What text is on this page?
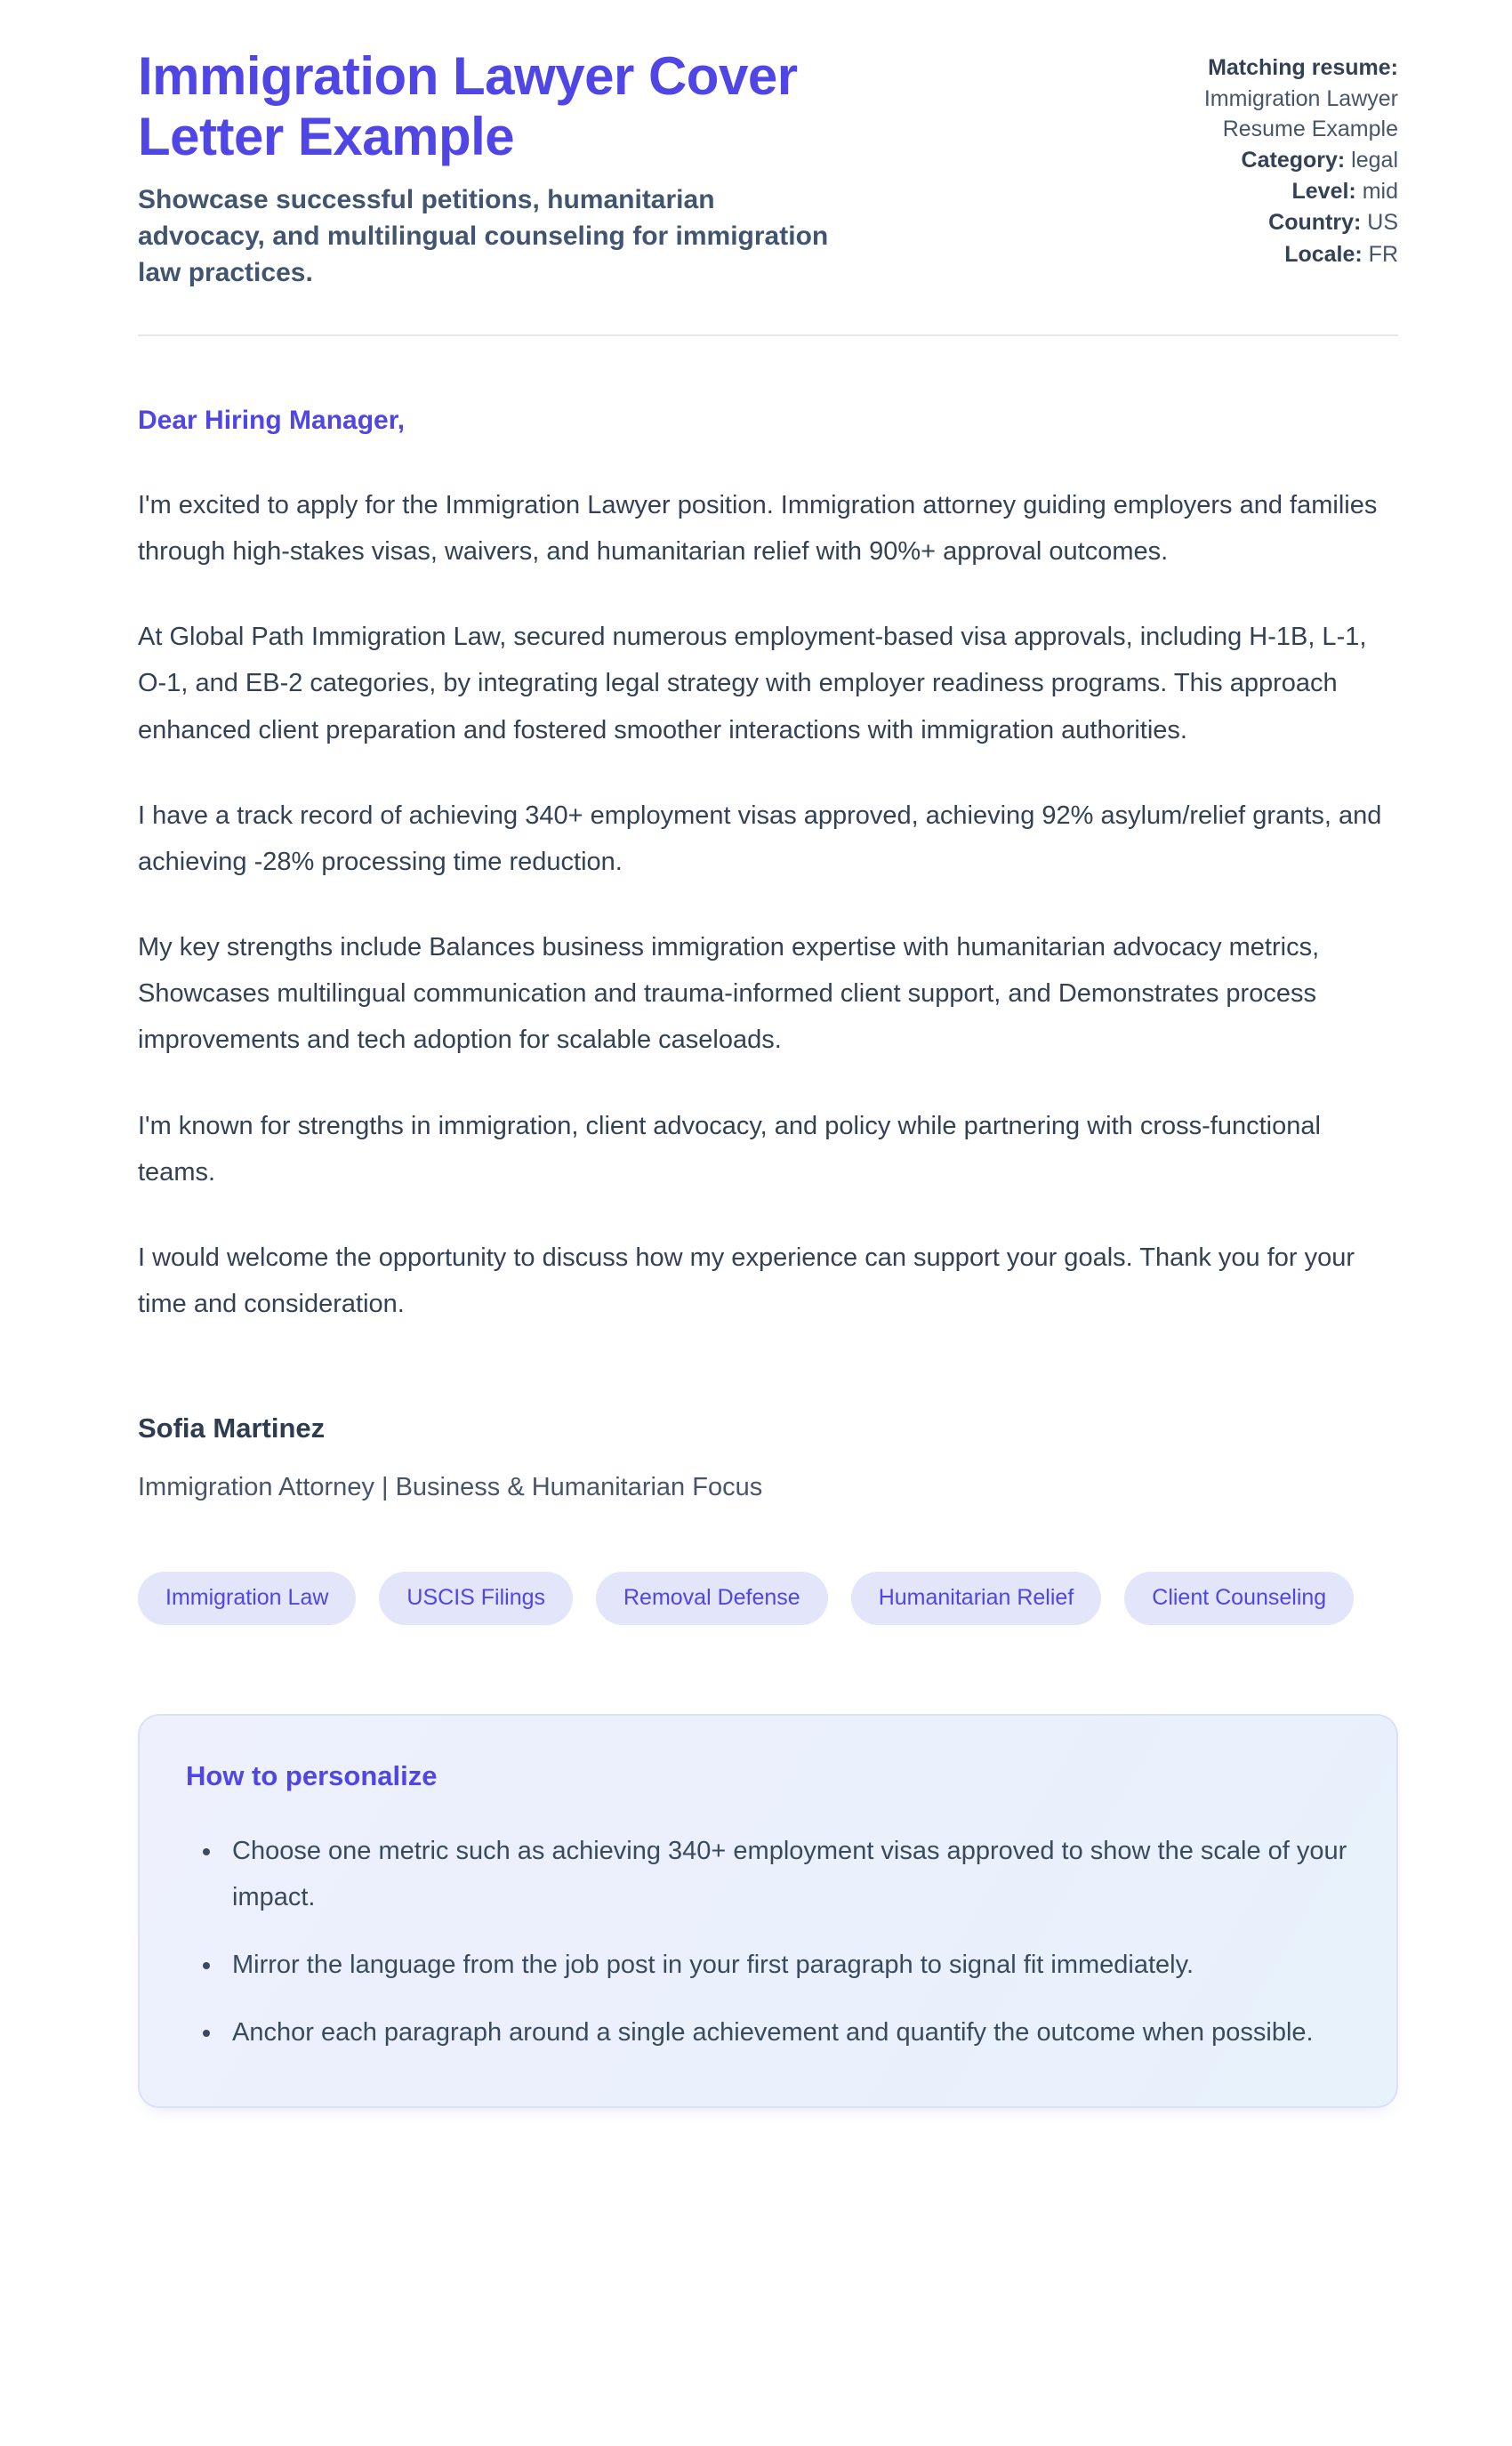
Immigration Lawyer Cover Letter Example
Showcase successful petitions, humanitarian advocacy, and multilingual counseling for immigration law practices.
Matching resume:
Immigration Lawyer Resume Example
Category: legal
Level: mid
Country: US
Locale: FR
Dear Hiring Manager,

I'm excited to apply for the Immigration Lawyer position. Immigration attorney guiding employers and families through high-stakes visas, waivers, and humanitarian relief with 90%+ approval outcomes.

At Global Path Immigration Law, secured numerous employment-based visa approvals, including H-1B, L-1, O-1, and EB-2 categories, by integrating legal strategy with employer readiness programs. This approach enhanced client preparation and fostered smoother interactions with immigration authorities.

I have a track record of achieving 340+ employment visas approved, achieving 92% asylum/relief grants, and achieving -28% processing time reduction.

My key strengths include Balances business immigration expertise with humanitarian advocacy metrics, Showcases multilingual communication and trauma-informed client support, and Demonstrates process improvements and tech adoption for scalable caseloads.

I'm known for strengths in immigration, client advocacy, and policy while partnering with cross-functional teams.

I would welcome the opportunity to discuss how my experience can support your goals. Thank you for your time and consideration.

Sofia Martinez
Immigration Attorney | Business & Humanitarian Focus
Immigration Law	USCIS Filings	Removal Defense	Humanitarian Relief	Client Counseling
How to personalize
• Choose one metric such as achieving 340+ employment visas approved to show the scale of your impact.
• Mirror the language from the job post in your first paragraph to signal fit immediately.
• Anchor each paragraph around a single achievement and quantify the outcome when possible.
